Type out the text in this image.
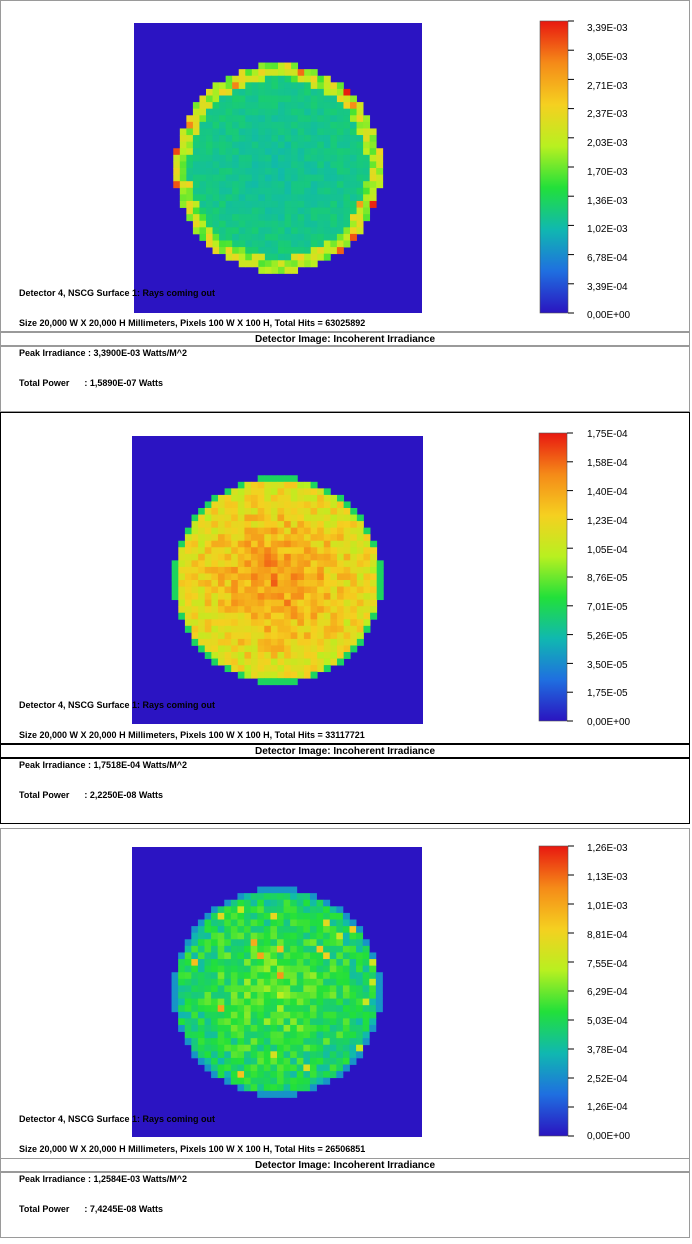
3,39E-03
3,05E-03
2,71E-03
2,37E-03
2,03E-03
1,70E-03
1,36E-03
1,02E-03
6,78E-04
3,39E-04
0,00E+00
Detector Image: Incoherent Irradiance

Detector 4, NSCG Surface 1: Rays coming out

Size 20,000 W X 20,000 H Millimeters, Pixels 100 W X 100 H, Total Hits = 63025892

Peak Irradiance : 3,3900E-03 Watts/M^2

Total Power      : 1,5890E-07 Watts

1,75E-04
1,58E-04
1,40E-04
1,23E-04
1,05E-04
8,76E-05
7,01E-05
5,26E-05
3,50E-05
1,75E-05
0,00E+00
Detector Image: Incoherent Irradiance

Detector 4, NSCG Surface 1: Rays coming out

Size 20,000 W X 20,000 H Millimeters, Pixels 100 W X 100 H, Total Hits = 33117721

Peak Irradiance : 1,7518E-04 Watts/M^2

Total Power      : 2,2250E-08 Watts

1,26E-03
1,13E-03
1,01E-03
8,81E-04
7,55E-04
6,29E-04
5,03E-04
3,78E-04
2,52E-04
1,26E-04
0,00E+00
Detector Image: Incoherent Irradiance

Detector 4, NSCG Surface 1: Rays coming out

Size 20,000 W X 20,000 H Millimeters, Pixels 100 W X 100 H, Total Hits = 26506851

Peak Irradiance : 1,2584E-03 Watts/M^2

Total Power      : 7,4245E-08 Watts
